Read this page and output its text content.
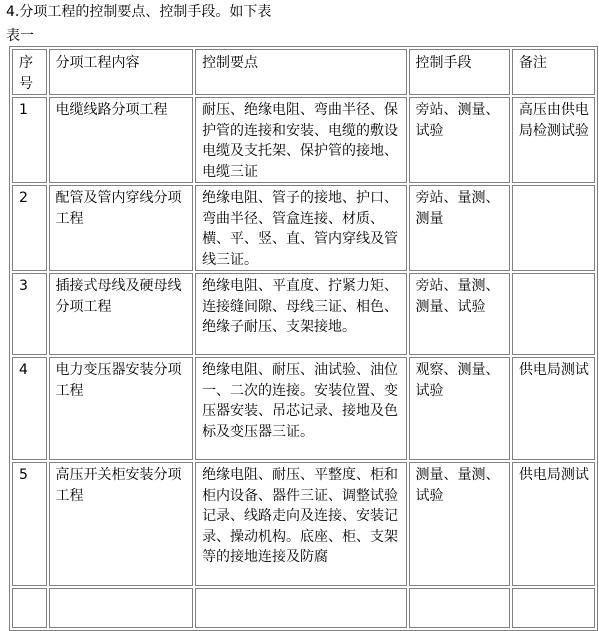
4.分项工程的控制要点、控制手段。如下表
表一
序号	分项工程内容	控制要点	控制手段	备注
1	电缆线路分项工程	耐压、绝缘电阻、弯曲半径、保护管的连接和安装、电缆的敷设电缆及支托架、保护管的接地、电缆三证	旁站、测量、试验	高压由供电局检测试验
2	配管及管内穿线分项工程	绝缘电阻、管子的接地、护口、弯曲半径、管盒连接、材质、横、平、竖、直、管内穿线及管线三证。	旁站、量测、测量	
3	插接式母线及硬母线分项工程	绝缘电阻、平直度、拧紧力矩、连接缝间隙、母线三证、相色、绝缘子耐压、支架接地。	旁站、量测、测量、试验	
4	电力变压器安装分项工程	绝缘电阻、耐压、油试验、油位一、二次的连接。安装位置、变压器安装、吊芯记录、接地及色标及变压器三证。	观察、测量、试验	供电局测试
5	高压开关柜安装分项工程	绝缘电阻、耐压、平整度、柜和柜内设备、器件三证、调整试验记录、线路走向及连接、安装记录、操动机构。底座、柜、支架等的接地连接及防腐	测量、量测、试验	供电局测试
